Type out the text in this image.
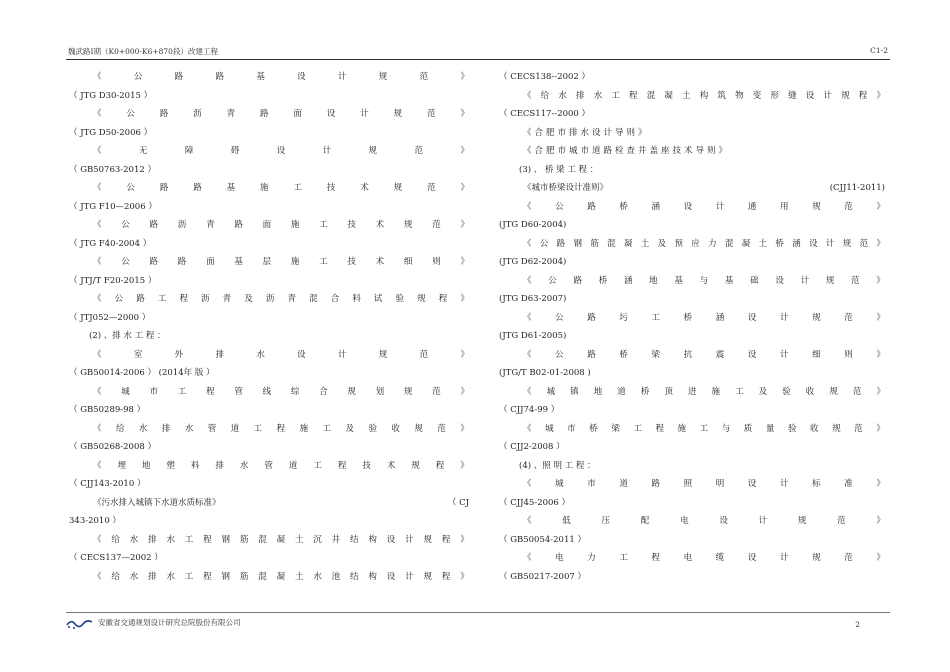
魏武路Ⅰ期（K0+000-K6+870段）改建工程	C1-2
《	公	路	路	基	设	计	规	范	》
（ JTG D30-2015 ）
《	公	路	沥	青	路	面	设	计	规	范	》
（ JTG D50-2006 ）
《	无	障	碍	设	计	规	范	》
（ GB50763-2012 ）
《	公	路	路	基	施	工	技	术	规	范	》
（ JTG F10—2006 ）
《 公 路 沥 青 路 面 施 工 技 术 规 范 》
（ JTG F40-2004 ）
《 公 路 路 面 基 层 施 工 技 术 细 则 》
（ JTJ/T F20-2015 ）
《 公 路 工 程 沥 青 及 沥 青 混 合 料 试 验 规 程 》
（ JTJ052—2000 ）
(2) 、排 水 工 程 ：
《	室	外	排	水	设	计	规	范	》
（ GB50014-2006 ） (2014年 版 ）
《 城 市 工 程 管 线 综 合 规 划 规 范 》
（ GB50289-98 ）
《 给 水 排 水 管 道 工 程 施 工 及 验 收 规 范 》
（ GB50268-2008 ）
《 埋 地 塑 料 排 水 管 道 工 程 技 术 规 程 》
（ CJJ143-2010 ）
《污水排入城镇下水道水质标准》	（ CJ
343-2010 ）
《 给 水 排 水 工 程 钢 筋 混 凝 土 沉 井 结 构 设 计 规 程 》
（ CECS137—2002 ）
《 给 水 排 水 工 程 钢 筋 混 凝 土 水 池 结 构 设 计 规 程 》
（ CECS138--2002 ）
《 给 水 排 水 工 程 混 凝 土 构 筑 物 变 形 缝 设 计 规 程 》
（ CECS117--2000 ）
《合肥市排水设计导则》
《合肥市城市道路检查井盖座技术导则》
(3) 、 桥 梁 工 程 ：
《城市桥梁设计准则》	(CJJ11-2011)
《	公	路	桥	涵	设	计	通	用	规	范	》
(JTG D60-2004)
《 公 路 钢 筋 混 凝 土 及 预 应 力 混 凝 土 桥 涵 设 计 规 范 》
(JTG D62-2004)
《 公 路 桥 涵 地 基 与 基 础 设 计 规 范 》
(JTG D63-2007)
《	公	路	圬	工	桥	涵	设	计	规	范	》
(JTG D61-2005)
《	公	路	桥	梁	抗	震	设	计	细	则	》
(JTG/T B02-01-2008 )
《 城 镇 地 道 桥 顶 进 施 工 及 验 收 规 范 》
（ CJJ74-99 ）
《 城 市 桥 梁 工 程 施 工 与 质 量 验 收 规 范 》
（ CJJ2-2008 ）
(4) 、照 明 工 程 ：
《	城	市	道	路	照	明	设	计	标	准	》
（ CJJ45-2006 ）
《	低	压	配	电	设	计	规	范	》
（ GB50054-2011 ）
《	电	力	工	程	电	缆	设	计	规	范	》
（ GB50217-2007 ）
安徽省交通规划设计研究总院股份有限公司	2
